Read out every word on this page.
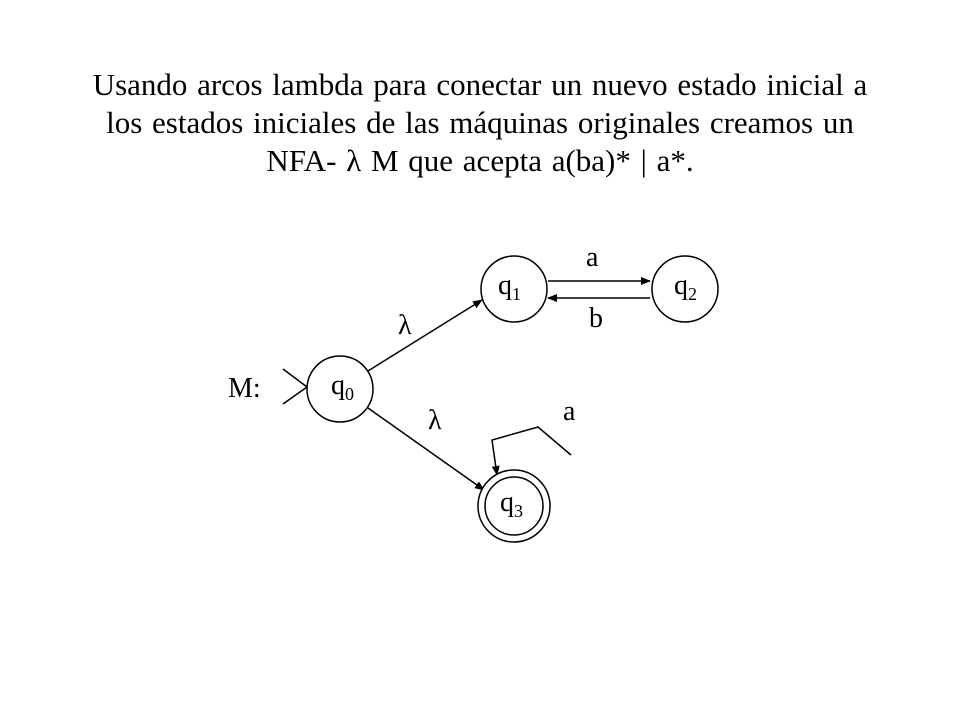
Usando arcos lambda para conectar un nuevo estado inicial a
los estados iniciales de las máquinas originales creamos un
NFA- λ M que acepta a(ba)* | a*.
M:
λ
λ
a
b
a
$q_0$
$q_1$	$q_2$
$q_3$
